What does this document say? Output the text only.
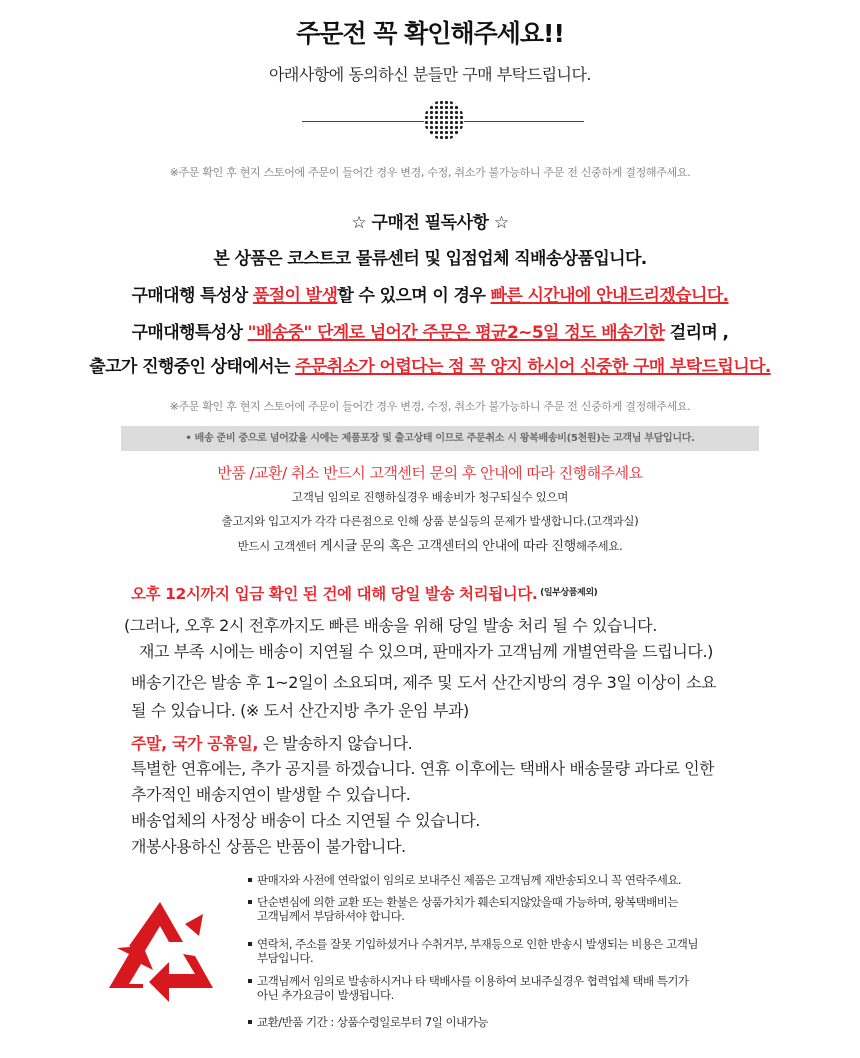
주문전 꼭 확인해주세요!!
아래사항에 동의하신 분들만 구매 부탁드립니다.
※주문 확인 후 현지 스토어에 주문이 들어간 경우 변경, 수정, 취소가 불가능하니 주문 전 신중하게 결정해주세요.
☆ 구매전 필독사항 ☆
본 상품은 코스트코 물류센터 및 입점업체 직배송상품입니다.
구매대행 특성상 품절이 발생할 수 있으며 이 경우 빠른 시간내에 안내드리겠습니다.
구매대행특성상 "배송중" 단계로 넘어간 주문은 평균2~5일 정도 배송기한 걸리며 ,
출고가 진행중인 상태에서는 주문취소가 어렵다는 점 꼭 양지 하시어 신중한 구매 부탁드립니다.
※주문 확인 후 현지 스토어에 주문이 들어간 경우 변경, 수정, 취소가 불가능하니 주문 전 신중하게 결정해주세요.
• 배송 준비 중으로 넘어갔을 시에는 제품포장 및 출고상태 이므로 주문취소 시 왕복배송비(5천원)는 고객님 부담입니다.
반품 /교환/ 취소 반드시 고객센터 문의 후 안내에 따라 진행해주세요
고객님 임의로 진행하실경우 배송비가 청구되실수 있으며
출고지와 입고지가 각각 다른점으로 인해 상품 분실등의 문제가 발생합니다.(고객과실)
반드시 고객센터 게시글 문의 혹은 고객센터의 안내에 따라 진행해주세요.
오후 12시까지 입금 확인 된 건에 대해 당일 발송 처리됩니다. $^{(일부상품제외)}$
(그러나, 오후 2시 전후까지도 빠른 배송을 위해 당일 발송 처리 될 수 있습니다.
재고 부족 시에는 배송이 지연될 수 있으며, 판매자가 고객님께 개별연락을 드립니다.)
배송기간은 발송 후 1~2일이 소요되며, 제주 및 도서 산간지방의 경우 3일 이상이 소요
될 수 있습니다. (※ 도서 산간지방 추가 운임 부과)
주말, 국가 공휴일, 은 발송하지 않습니다.
특별한 연휴에는, 추가 공지를 하겠습니다. 연휴 이후에는 택배사 배송물량 과다로 인한
추가적인 배송지연이 발생할 수 있습니다.
배송업체의 사정상 배송이 다소 지연될 수 있습니다.
개봉사용하신 상품은 반품이 불가합니다.
판매자와 사전에 연락없이 임의로 보내주신 제품은 고객님께 재반송되오니 꼭 연락주세요.
단순변심에 의한 교환 또는 환불은 상품가치가 훼손되지않았을때 가능하며, 왕복택배비는
고객님께서 부담하셔야 합니다.
연락처, 주소를 잘못 기입하셨거나 수취거부, 부재등으로 인한 반송시 발생되는 비용은 고객님
부담입니다.
고객님께서 임의로 발송하시거나 타 택배사를 이용하여 보내주실경우 협력업체 택배 특기가
아닌 추가요금이 발생됩니다.
교환/반품 기간 : 상품수령일로부터 7일 이내가능
